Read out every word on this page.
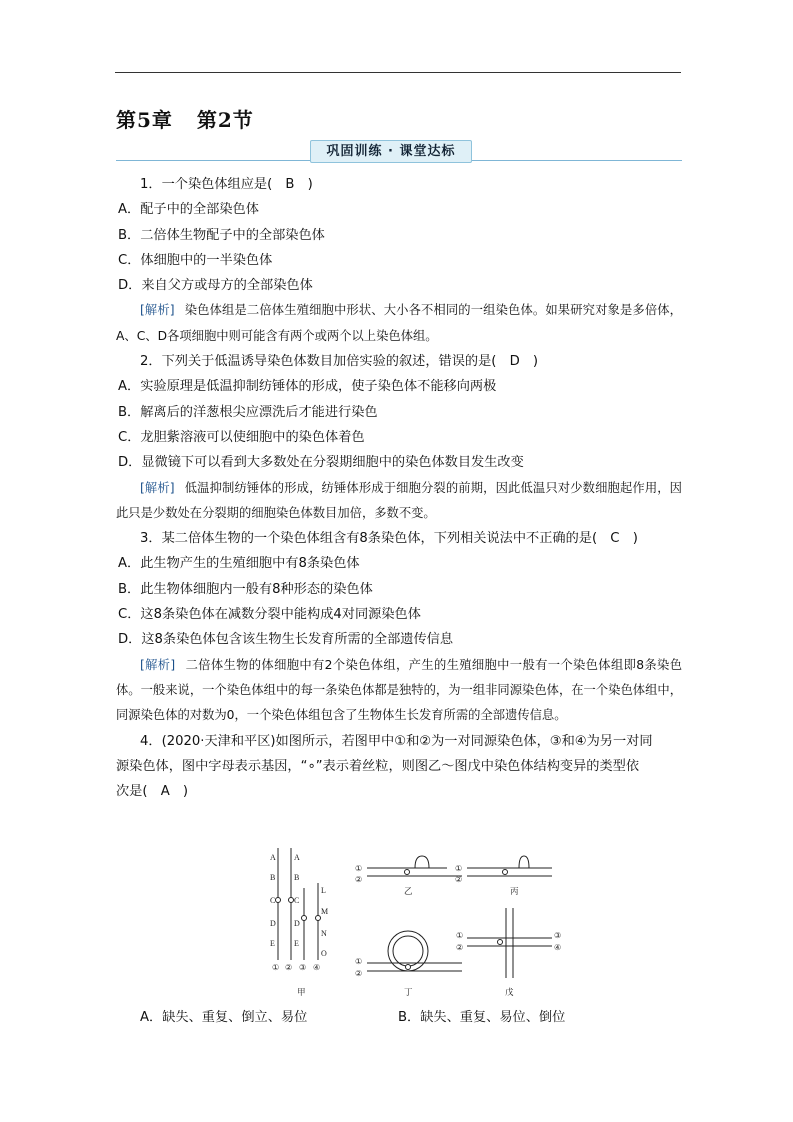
第5章 第2节
巩固训练 · 课堂达标
1．一个染色体组应是(　B　)
A．配子中的全部染色体
B．二倍体生物配子中的全部染色体
C．体细胞中的一半染色体
D．来自父方或母方的全部染色体
[解析] 染色体组是二倍体生殖细胞中形状、大小各不相同的一组染色体。如果研究对象是多倍体，A、C、D各项细胞中则可能含有两个或两个以上染色体组。
2．下列关于低温诱导染色体数目加倍实验的叙述，错误的是(　D　)
A．实验原理是低温抑制纺锤体的形成，使子染色体不能移向两极
B．解离后的洋葱根尖应漂洗后才能进行染色
C．龙胆紫溶液可以使细胞中的染色体着色
D．显微镜下可以看到大多数处在分裂期细胞中的染色体数目发生改变
[解析] 低温抑制纺锤体的形成，纺锤体形成于细胞分裂的前期，因此低温只对少数细胞起作用，因此只是少数处在分裂期的细胞染色体数目加倍，多数不变。
3．某二倍体生物的一个染色体组含有8条染色体，下列相关说法中不正确的是(　C　)
A．此生物产生的生殖细胞中有8条染色体
B．此生物体细胞内一般有8种形态的染色体
C．这8条染色体在减数分裂中能构成4对同源染色体
D．这8条染色体包含该生物生长发育所需的全部遗传信息
[解析] 二倍体生物的体细胞中有2个染色体组，产生的生殖细胞中一般有一个染色体组即8条染色体。一般来说，一个染色体组中的每一条染色体都是独特的，为一组非同源染色体，在一个染色体组中，同源染色体的对数为0，一个染色体组包含了生物体生长发育所需的全部遗传信息。
4．(2020·天津和平区)如图所示，若图甲中①和②为一对同源染色体，③和④为另一对同
源染色体，图中字母表示基因，“∘”表示着丝粒，则图乙～图戊中染色体结构变异的类型依
次是(　A　)
A
B
C
D
E
A
B
C
D
E
L
M
N
O
① ② ③ ④
①
②
①
②
①
②
①
②
③
④
甲
乙	丙
丁	戊
A．缺失、重复、倒立、易位	B．缺失、重复、易位、倒位
